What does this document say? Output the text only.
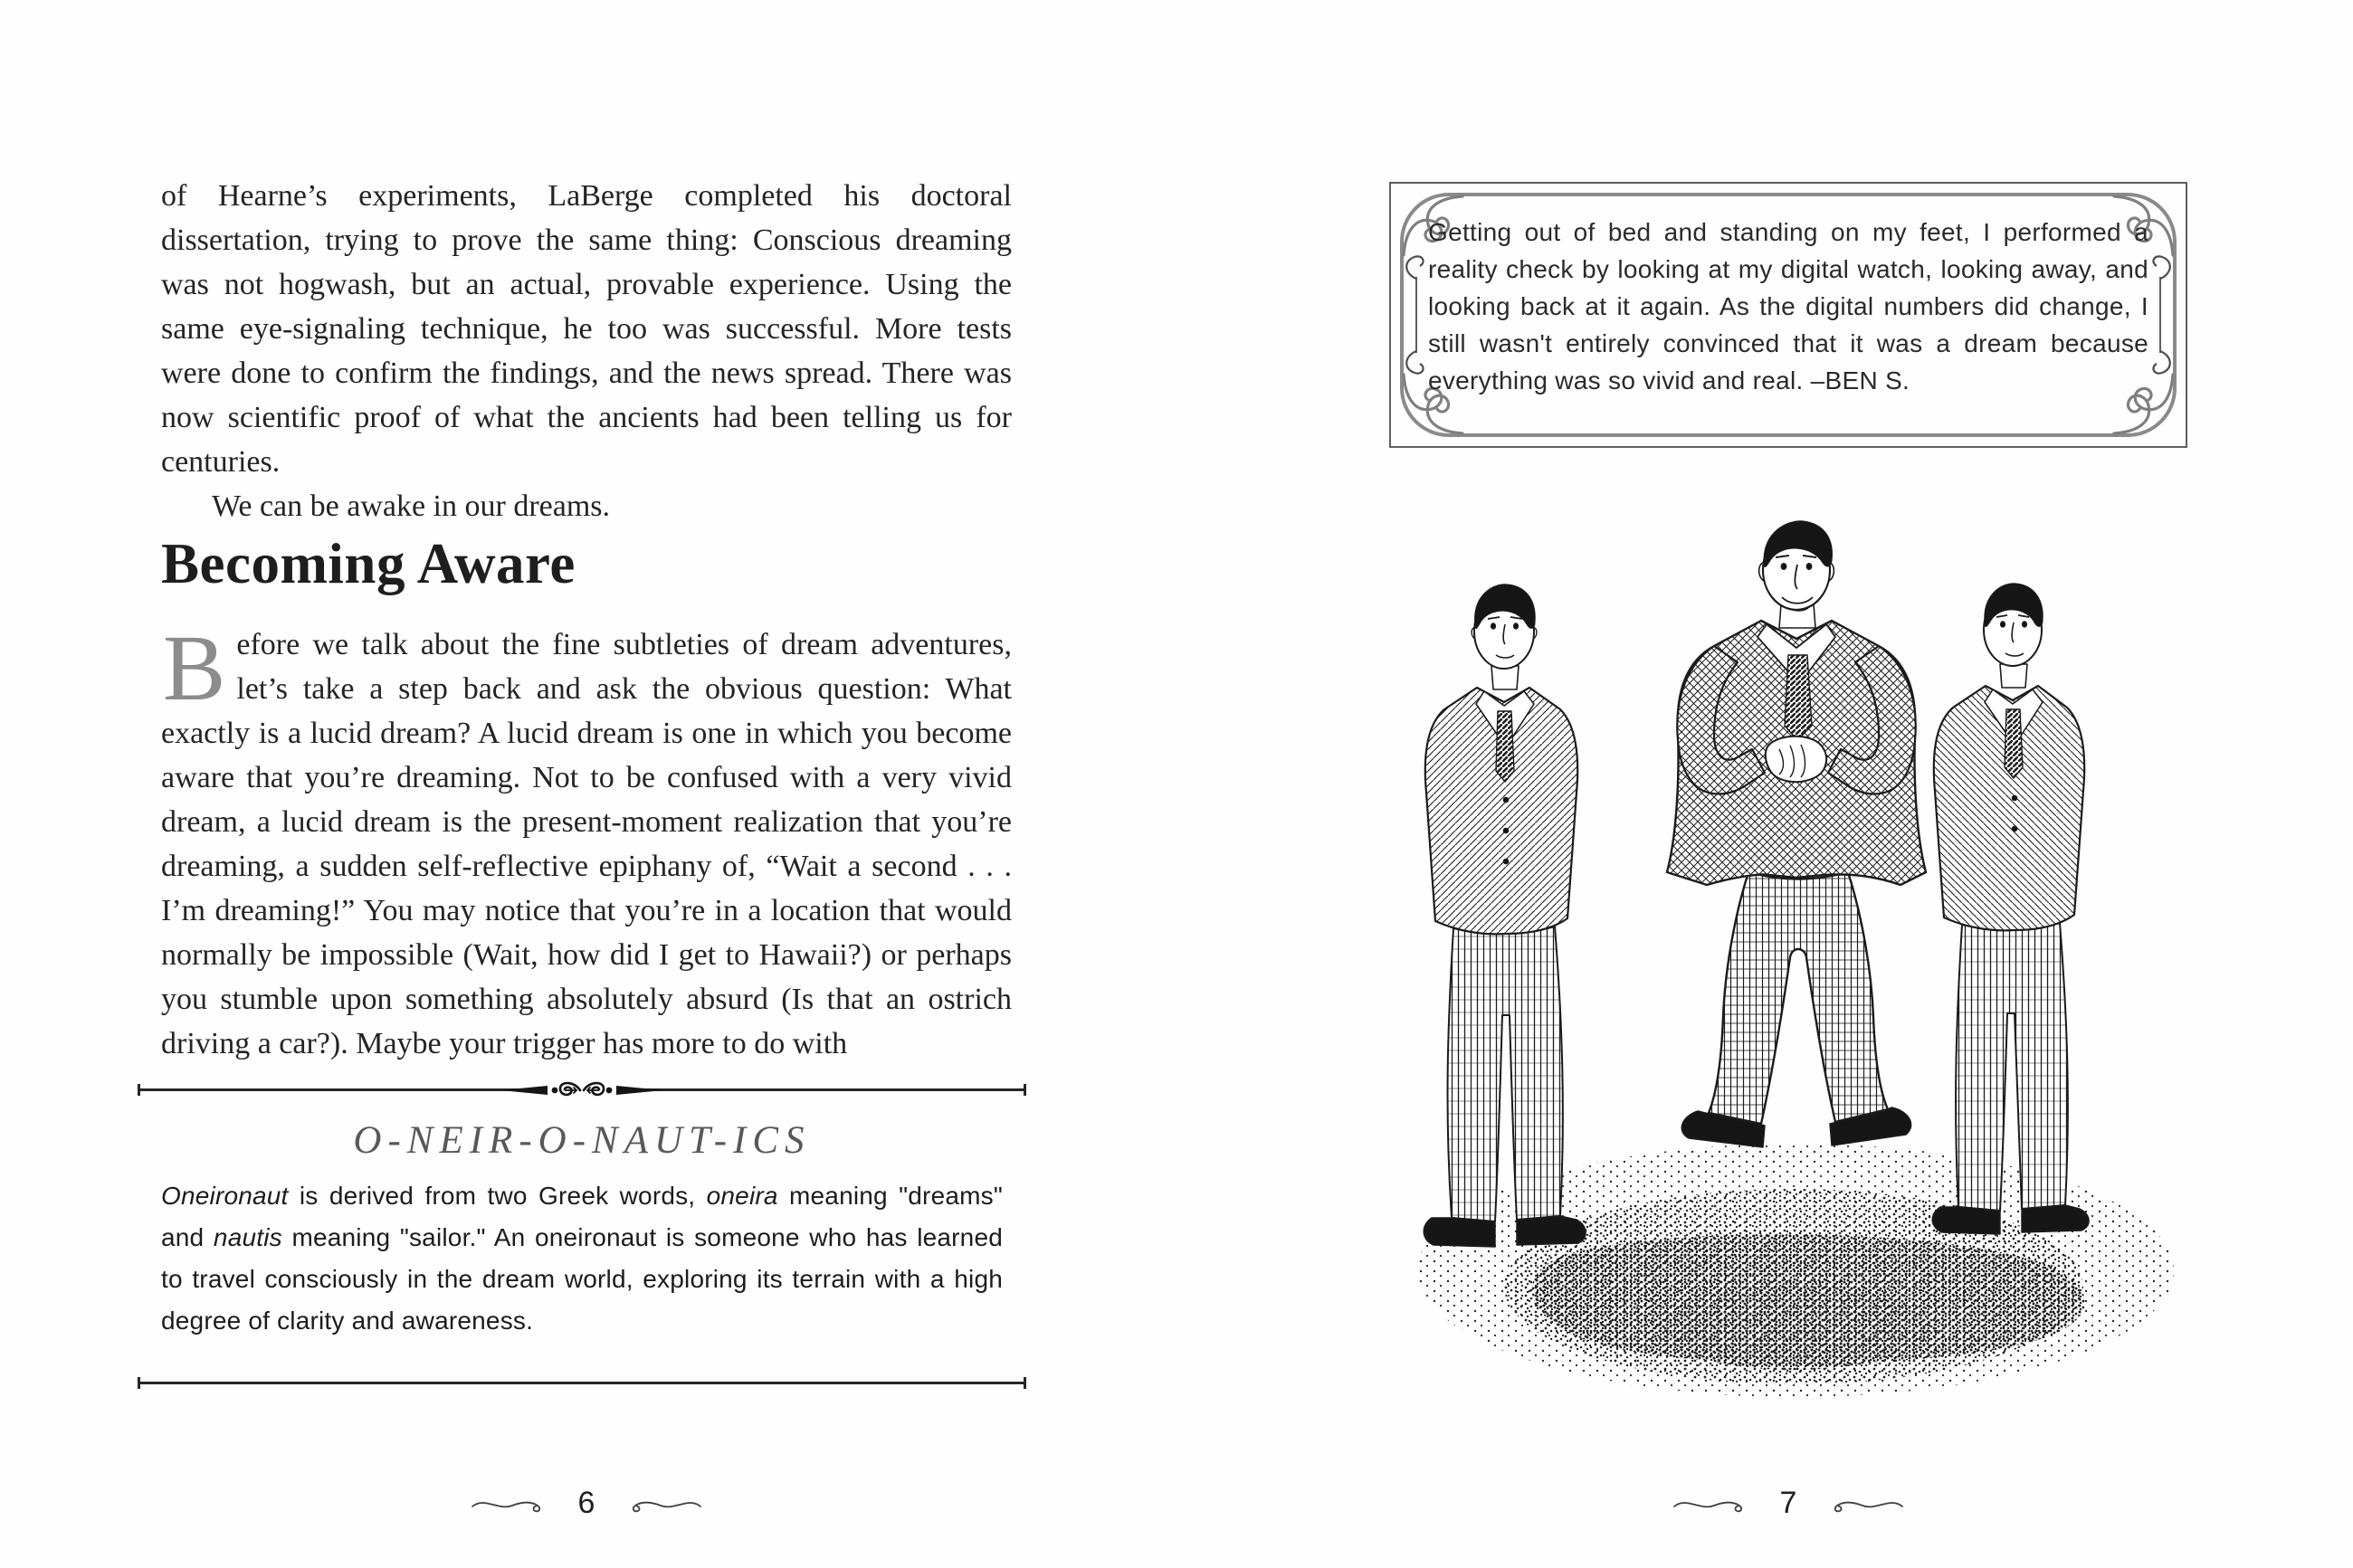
of Hearne’s experiments, LaBerge completed his doctoral dissertation, trying to prove the same thing: Conscious dreaming was not hogwash, but an actual, provable experience. Using the same eye-signaling technique, he too was successful. More tests were done to confirm the findings, and the news spread. There was now scientific proof of what the ancients had been telling us for centuries.

We can be awake in our dreams.

Becoming Aware

Before we talk about the fine subtleties of dream adventures, let’s take a step back and ask the obvious question: What exactly is a lucid dream? A lucid dream is one in which you become aware that you’re dreaming. Not to be confused with a very vivid dream, a lucid dream is the present-moment realization that you’re dreaming, a sudden self-reflective epiphany of, “Wait a second . . . I’m dreaming!” You may notice that you’re in a location that would normally be impossible (Wait, how did I get to Hawaii?) or perhaps you stumble upon something absolutely absurd (Is that an ostrich driving a car?). Maybe your trigger has more to do with

O-NEIR-O-NAUT-ICS
Oneironaut is derived from two Greek words, oneira meaning "dreams" and nautis meaning "sailor." An oneironaut is someone who has learned to travel consciously in the dream world, exploring its terrain with a high degree of clarity and awareness.
6
Getting out of bed and standing on my feet, I performed a reality check by looking at my digital watch, looking away, and looking back at it again. As the digital numbers did change, I still wasn't entirely convinced that it was a dream because everything was so vivid and real. –BEN S.
7
